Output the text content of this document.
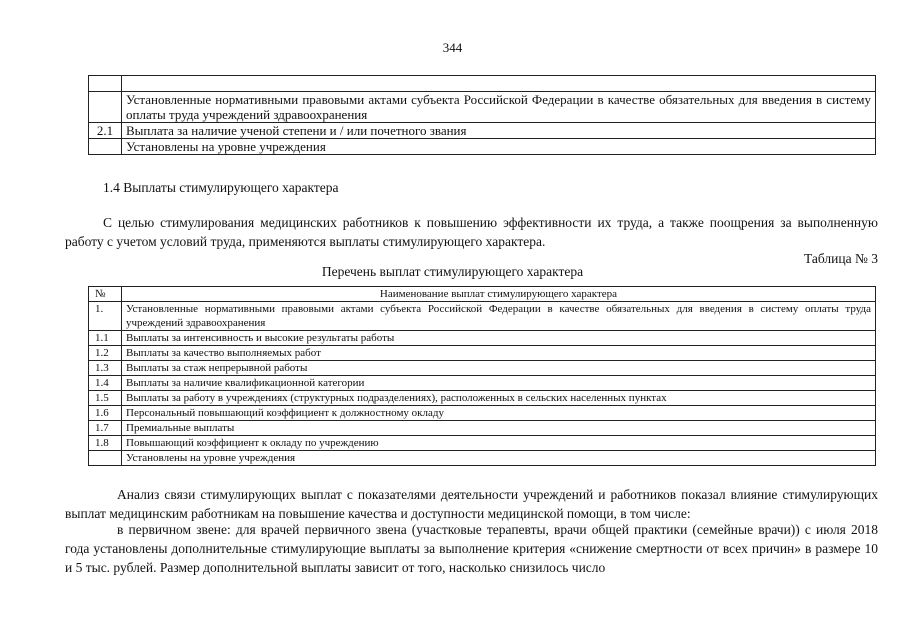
344

	Установленные нормативными правовыми актами субъекта Российской Федерации в качестве обязательных для введения в систему оплаты труда учреждений здравоохранения
2.1	Выплата за наличие ученой степени и / или почетного звания
	Установлены на уровне учреждения
1.4 Выплаты стимулирующего характера
С целью стимулирования медицинских работников к повышению эффективности их труда, а также поощрения за выполненную работу с учетом условий труда, применяются выплаты стимулирующего характера.
Таблица № 3
Перечень выплат стимулирующего характера
№	Наименование выплат стимулирующего характера
1.	Установленные нормативными правовыми актами субъекта Российской Федерации в качестве обязательных для введения в систему оплаты труда учреждений здравоохранения
1.1	Выплаты за интенсивность и высокие результаты работы
1.2	Выплаты за качество выполняемых работ
1.3	Выплаты за стаж непрерывной работы
1.4	Выплаты за наличие квалификационной категории
1.5	Выплаты за работу в учреждениях (структурных подразделениях), расположенных в сельских населенных пунктах
1.6	Персональный повышающий коэффициент к должностному окладу
1.7	Премиальные выплаты
1.8	Повышающий коэффициент к окладу по учреждению
	Установлены на уровне учреждения
Анализ связи стимулирующих выплат с показателями деятельности учреждений и работников показал влияние стимулирующих выплат медицинским работникам на повышение качества и доступности медицинской помощи, в том числе:
в первичном звене: для врачей первичного звена (участковые терапевты, врачи общей практики (семейные врачи)) с июля 2018 года установлены дополнительные стимулирующие выплаты за выполнение критерия «снижение смертности от всех причин» в размере 10 и 5 тыс. рублей. Размер дополнительной выплаты зависит от того, насколько снизилось число
